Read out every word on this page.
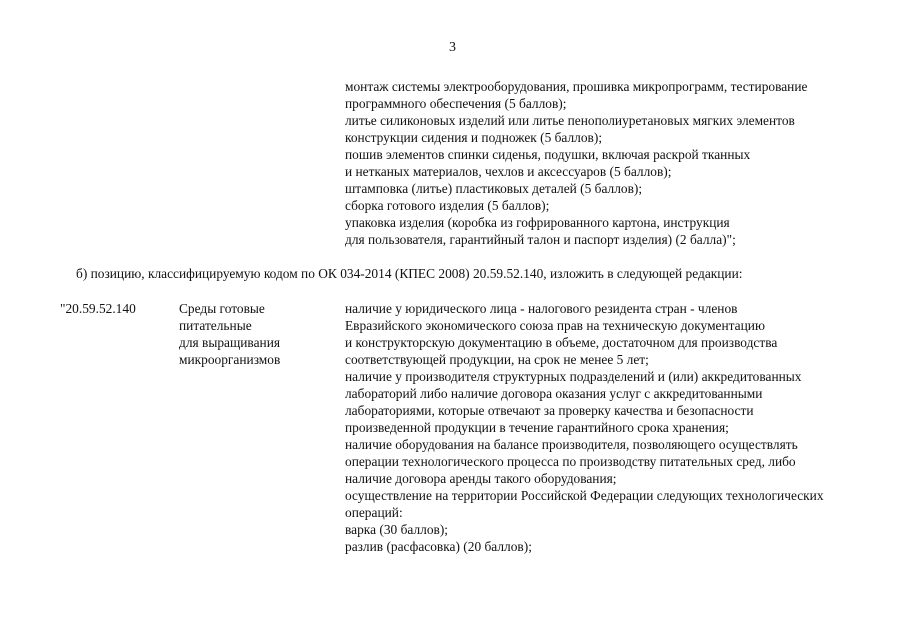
3
монтаж системы электрооборудования, прошивка микропрограмм, тестирование
программного обеспечения (5 баллов);
литье силиконовых изделий или литье пенополиуретановых мягких элементов
конструкции сидения и подножек (5 баллов);
пошив элементов спинки сиденья, подушки, включая раскрой тканных
и нетканых материалов, чехлов и аксессуаров (5 баллов);
штамповка (литье) пластиковых деталей (5 баллов);
сборка готового изделия (5 баллов);
упаковка изделия (коробка из гофрированного картона, инструкция
для пользователя, гарантийный талон и паспорт изделия) (2 балла)";
б) позицию, классифицируемую кодом по ОК 034-2014 (КПЕС 2008) 20.59.52.140, изложить в следующей редакции:
"20.59.52.140	Среды готовые
питательные
для выращивания
микроорганизмов
наличие у юридического лица - налогового резидента стран - членов
Евразийского экономического союза прав на техническую документацию
и конструкторскую документацию в объеме, достаточном для производства
соответствующей продукции, на срок не менее 5 лет;
наличие у производителя структурных подразделений и (или) аккредитованных
лабораторий либо наличие договора оказания услуг с аккредитованными
лабораториями, которые отвечают за проверку качества и безопасности
произведенной продукции в течение гарантийного срока хранения;
наличие оборудования на балансе производителя, позволяющего осуществлять
операции технологического процесса по производству питательных сред, либо
наличие договора аренды такого оборудования;
осуществление на территории Российской Федерации следующих технологических
операций:
варка (30 баллов);
разлив (расфасовка) (20 баллов);
